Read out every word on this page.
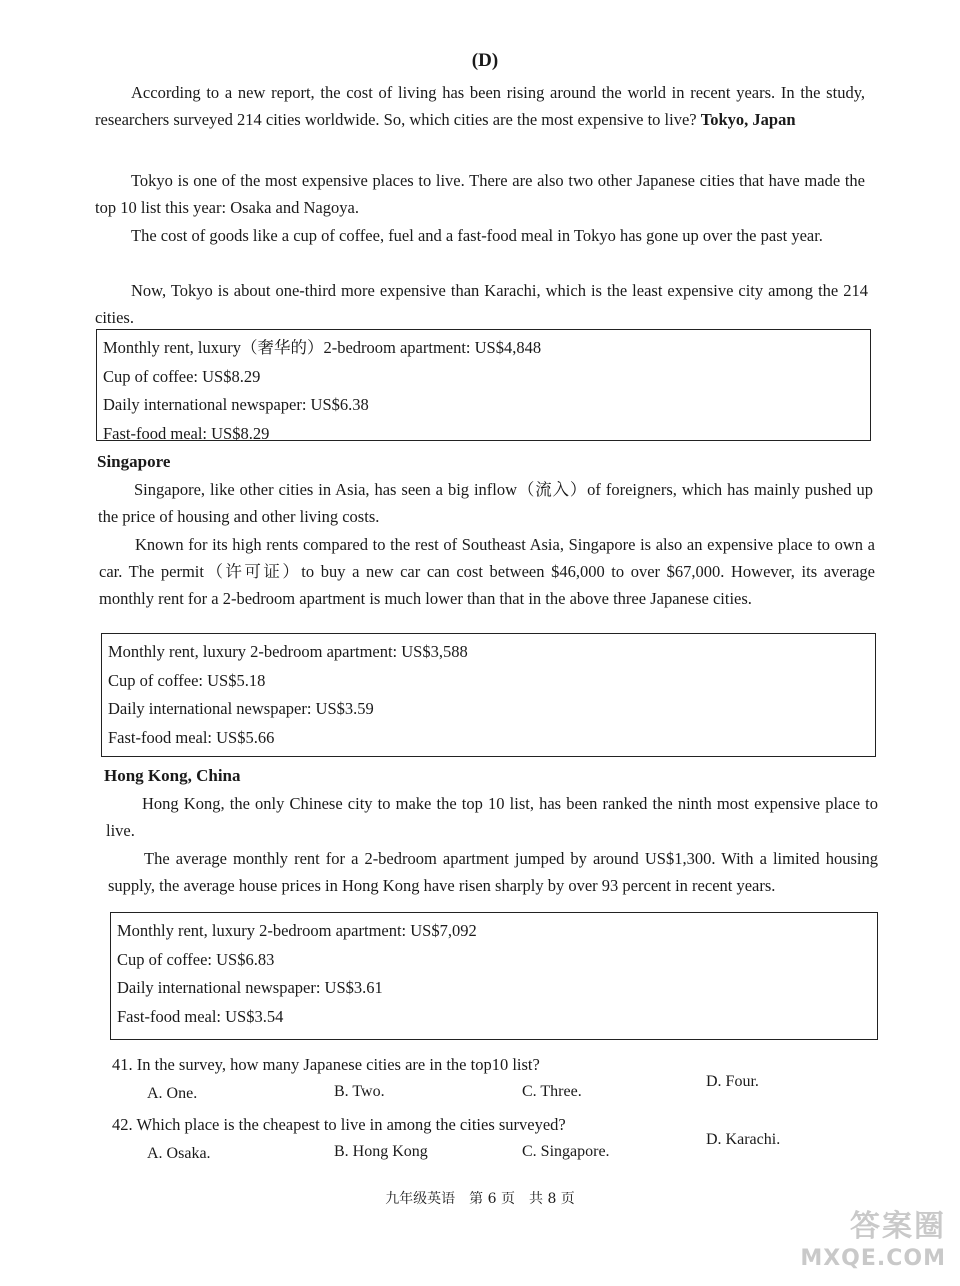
(D)

According to a new report, the cost of living has been rising around the world in recent years. In the study, researchers surveyed 214 cities worldwide. So, which cities are the most expensive to live? Tokyo, Japan

Tokyo is one of the most expensive places to live. There are also two other Japanese cities that have made the top 10 list this year: Osaka and Nagoya.

The cost of goods like a cup of coffee, fuel and a fast-food meal in Tokyo has gone up over the past year.

Now, Tokyo is about one-third more expensive than Karachi, which is the least expensive city among the 214 cities.

Monthly rent, luxury（奢华的）2-bedroom apartment: US$4,848
Cup of coffee: US$8.29
Daily international newspaper: US$6.38
Fast-food meal: US$8.29

Singapore

Singapore, like other cities in Asia, has seen a big inflow（流入）of foreigners, which has mainly pushed up the price of housing and other living costs.

Known for its high rents compared to the rest of Southeast Asia, Singapore is also an expensive place to own a car. The permit（许可证）to buy a new car can cost between $46,000 to over $67,000. However, its average monthly rent for a 2-bedroom apartment is much lower than that in the above three Japanese cities.

Monthly rent, luxury 2-bedroom apartment: US$3,588
Cup of coffee: US$5.18
Daily international newspaper: US$3.59
Fast-food meal: US$5.66

Hong Kong, China

Hong Kong, the only Chinese city to make the top 10 list, has been ranked the ninth most expensive place to live.

The average monthly rent for a 2-bedroom apartment jumped by around US$1,300. With a limited housing supply, the average house prices in Hong Kong have risen sharply by over 93 percent in recent years.

Monthly rent, luxury 2-bedroom apartment: US$7,092
Cup of coffee: US$6.83
Daily international newspaper: US$3.61
Fast-food meal: US$3.54

41. In the survey, how many Japanese cities are in the top10 list?

A. One.	B. Two.	C. Three.
D. Four.

42. Which place is the cheapest to live in among the cities surveyed?

A. Osaka.	B. Hong Kong	C. Singapore.
D. Karachi.
九年级英语　第 6 页　共 8 页
答案圈
MXQE.COM
